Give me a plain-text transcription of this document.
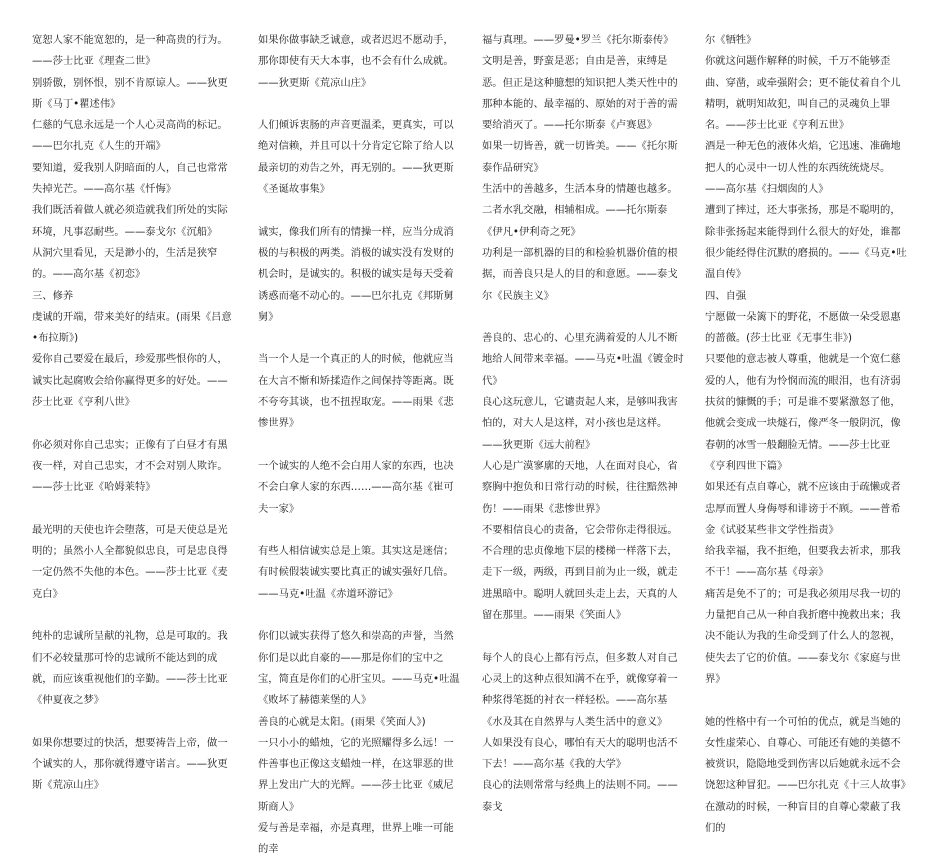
宽恕人家不能宽恕的，是一种高贵的行为。——莎士比亚《理查二世》

别骄傲，别怀恨，别不肯原谅人。——狄更斯《马丁•瞿述伟》

仁慈的气息永远是一个人心灵高尚的标记。——巴尔扎克《人生的开端》

要知道，爱我别人阴暗面的人，自己也常常失掉光芒。——高尔基《忏悔》

我们既活着做人就必须造就我们所处的实际环境，凡事忍耐些。——泰戈尔《沉船》

从洞穴里看见，天是渺小的，生活是狭窄的。——高尔基《初恋》

三、修养

虔诚的开端，带来美好的结束。(雨果《吕意•布拉斯》)

爱你自己要爱在最后，珍爱那些恨你的人，诚实比起腐败会给你赢得更多的好处。——莎士比亚《亨利八世》

你必须对你自己忠实；正像有了白昼才有黑夜一样，对自己忠实，才不会对别人欺诈。——莎士比亚《哈姆莱特》

最光明的天使也许会堕落，可是天使总是光明的；虽然小人全都貌似忠良，可是忠良得一定仍然不失他的本色。——莎士比亚《麦克白》

纯朴的忠诚所呈献的礼物，总是可取的。我们不必较量那可怜的忠诚所不能达到的成就，而应该重视他们的辛勤。——莎士比亚《仲夏夜之梦》

如果你想要过的快活，想要祷告上帝，做一个诚实的人，那你就得遵守诺言。——狄更斯《荒凉山庄》

如果你做事缺乏诚意，或者迟迟不愿动手，那你即使有天大本事，也不会有什么成就。——狄更斯《荒凉山庄》

人们倾诉衷肠的声音更温柔，更真实，可以绝对信赖，并且可以十分肯定它除了给人以最亲切的劝告之外，再无别的。——狄更斯《圣诞故事集》

诚实，像我们所有的情操一样，应当分成消极的与积极的两类。消极的诚实没有发财的机会时，是诚实的。积极的诚实是每天受着诱惑而毫不动心的。——巴尔扎克《邦斯舅舅》

当一个人是一个真正的人的时候，他就应当在大言不惭和矫揉造作之间保持等距离。既不夸夸其谈，也不扭捏取宠。——雨果《悲惨世界》

一个诚实的人绝不会白用人家的东西，也决不会白拿人家的东西……——高尔基《崔可夫一家》

有些人相信诚实总是上策。其实这是迷信；有时候假装诚实要比真正的诚实强好几倍。——马克•吐温《赤道环游记》

你们以诚实获得了悠久和崇高的声誉，当然你们是以此自豪的——那是你们的宝中之宝，简直是你们的心肝宝贝。——马克•吐温《败坏了赫德莱堡的人》

善良的心就是太阳。(雨果《笑面人》)

一只小小的蜡烛，它的光照耀得多么远！一件善事也正像这支蜡烛一样，在这罪恶的世界上发出广大的光辉。——莎士比亚《威尼斯商人》

爱与善是幸福，亦是真理，世界上唯一可能的幸

福与真理。——罗曼•罗兰《托尔斯泰传》

文明是善，野蛮是恶；自由是善，束缚是恶。但正是这种臆想的知识把人类天性中的那种本能的、最幸福的、原始的对于善的需要给消灭了。——托尔斯泰《卢赛恩》

如果一切皆善，就一切皆美。——《托尔斯泰作品研究》

生活中的善越多，生活本身的情趣也越多。二者水乳交融，相辅相成。——托尔斯泰《伊凡•伊利奇之死》

功利是一部机器的目的和检验机器价值的根据，而善良只是人的目的和意愿。——泰戈尔《民族主义》

善良的、忠心的、心里充满着爱的人儿不断地给人间带来幸福。——马克•吐温《镀金时代》

良心这玩意儿，它谴责起人来，是够叫我害怕的，对大人是这样，对小孩也是这样。——狄更斯《远大前程》

人心是广漠寥廓的天地，人在面对良心，省察胸中抱负和日常行动的时候，往往黯然神伤！——雨果《悲惨世界》

不要相信良心的责备，它会带你走得很远。不合理的忠贞像地下层的楼梯一样落下去，走下一级，两级，再到目前为止一级，就走进黑暗中。聪明人就回头走上去，天真的人留在那里。——雨果《笑面人》

每个人的良心上都有污点，但多数人对自己心灵上的这种点很知满不在乎，就像穿着一种浆得笔挺的衬衣一样轻松。——高尔基《水及其在自然界与人类生活中的意义》

人如果没有良心，哪怕有天大的聪明也活不下去！——高尔基《我的大学》

良心的法则常常与经典上的法则不同。——泰戈

尔《牺牲》

你就这问题作解释的时候，千万不能够歪曲、穿凿，或牵强附会；更不能仗着自个儿精明，就明知故犯，叫自己的灵魂负上罪名。——莎士比亚《亨利五世》

酒是一种无色的液体火焰，它迅速、准确地把人的心灵中一切人性的东西统统烧尽。——高尔基《扫烟囱的人》

遭到了摔过，还大事张扬，那是不聪明的，除非张扬起来能得到什么很大的好处，谁都很少能经得住沉默的磨损的。——《马克•吐温自传》

四、自强

宁愿做一朵篱下的野花，不愿做一朵受恩惠的蔷薇。(莎士比亚《无事生非》)

只要他的意志被人尊重，他就是一个宽仁慈爱的人，他有为怜悯而流的眼泪，也有济弱扶贫的慷慨的手；可是谁不要紧激怒了他，他就会变成一块燧石，像严冬一般阴沉，像春朝的冰雪一般翻脸无情。——莎士比亚《亨利四世下篇》

如果还有点自尊心，就不应该由于疏懒或者忠厚而置人身侮辱和诽谤于不顾。——普希金《试驳某些非文学性指责》

给我幸福，我不拒绝，但要我去祈求，那我不干！——高尔基《母亲》

痛苦是免不了的；可是我必须用尽我一切的力量把自己从一种自我折磨中挽救出来；我决不能认为我的生命受到了什么人的忽视，使失去了它的价值。——泰戈尔《家庭与世界》

她的性格中有一个可怕的优点，就是当她的女性虚荣心、自尊心、可能还有她的美德不被赏识，隐隐地受到伤害以后她就永远不会饶恕这种冒犯。——巴尔扎克《十三人故事》

在激动的时候，一种盲目的自尊心蒙蔽了我们的
